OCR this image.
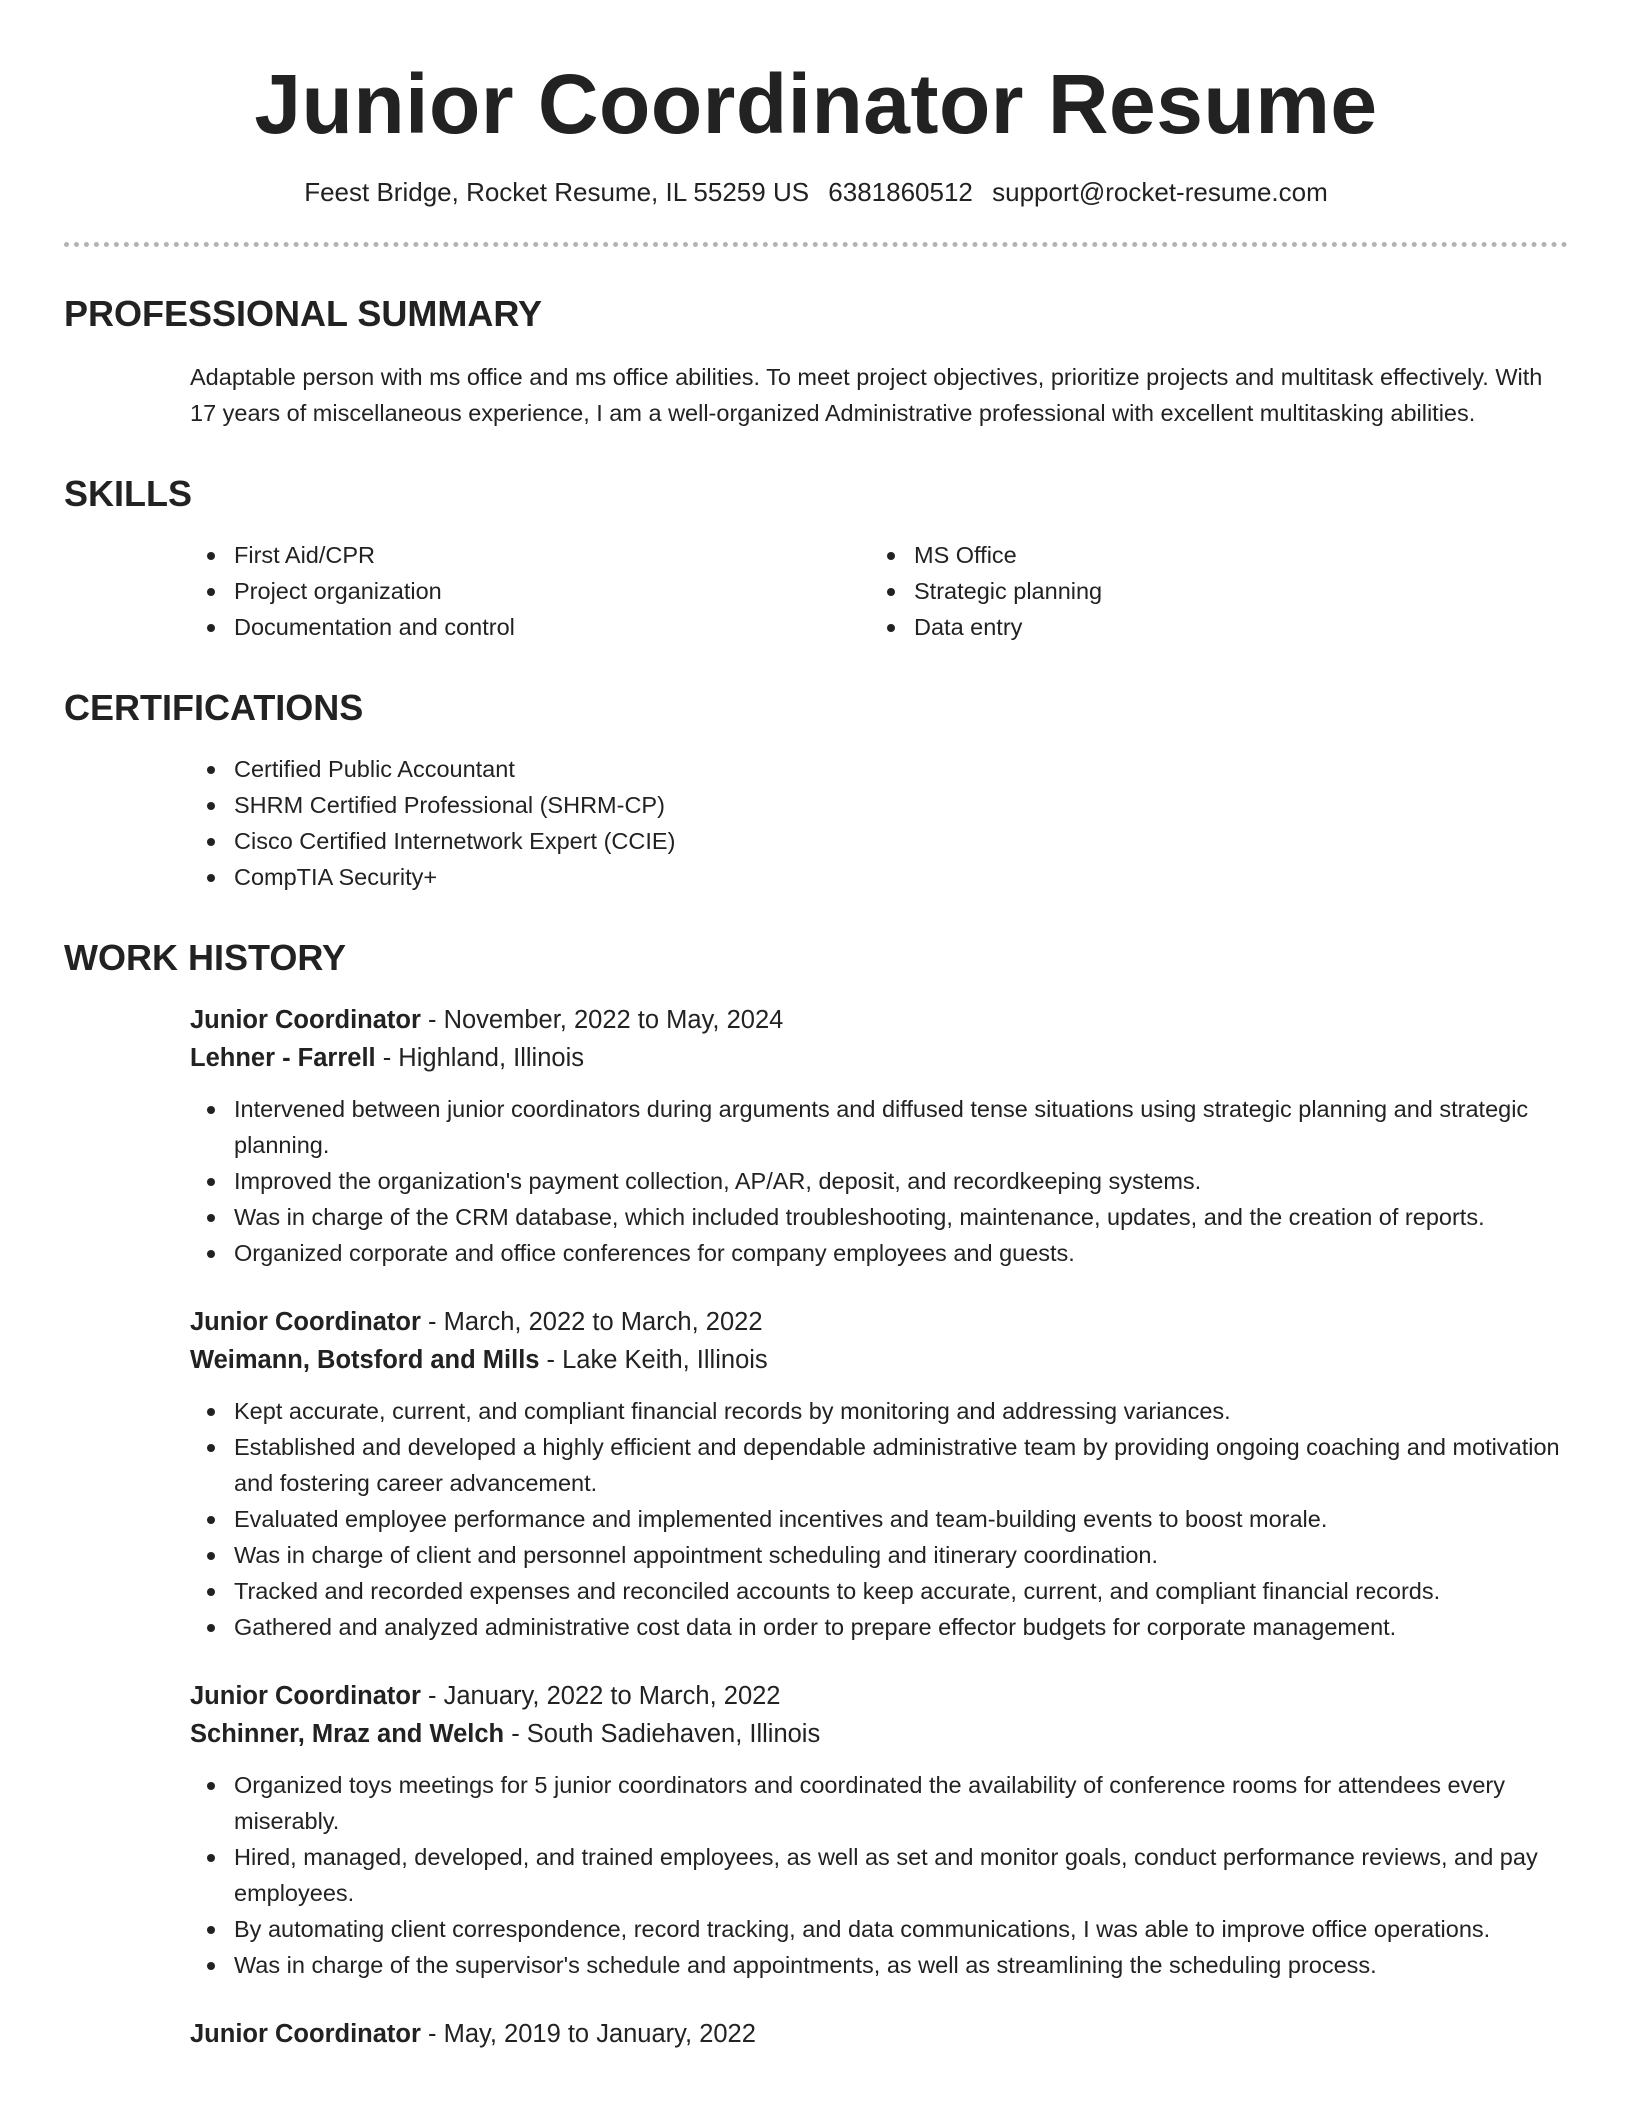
Junior Coordinator Resume
Feest Bridge, Rocket Resume, IL 55259 US 6381860512 support@rocket-resume.com
PROFESSIONAL SUMMARY
Adaptable person with ms office and ms office abilities. To meet project objectives, prioritize projects and multitask effectively. With 17 years of miscellaneous experience, I am a well-organized Administrative professional with excellent multitasking abilities.
SKILLS
First Aid/CPR
Project organization
Documentation and control
MS Office
Strategic planning
Data entry
CERTIFICATIONS
Certified Public Accountant
SHRM Certified Professional (SHRM-CP)
Cisco Certified Internetwork Expert (CCIE)
CompTIA Security+
WORK HISTORY
Junior Coordinator - November, 2022 to May, 2024
Lehner - Farrell - Highland, Illinois
Intervened between junior coordinators during arguments and diffused tense situations using strategic planning and strategic planning.
Improved the organization's payment collection, AP/AR, deposit, and recordkeeping systems.
Was in charge of the CRM database, which included troubleshooting, maintenance, updates, and the creation of reports.
Organized corporate and office conferences for company employees and guests.
Junior Coordinator - March, 2022 to March, 2022
Weimann, Botsford and Mills - Lake Keith, Illinois
Kept accurate, current, and compliant financial records by monitoring and addressing variances.
Established and developed a highly efficient and dependable administrative team by providing ongoing coaching and motivation and fostering career advancement.
Evaluated employee performance and implemented incentives and team-building events to boost morale.
Was in charge of client and personnel appointment scheduling and itinerary coordination.
Tracked and recorded expenses and reconciled accounts to keep accurate, current, and compliant financial records.
Gathered and analyzed administrative cost data in order to prepare effector budgets for corporate management.
Junior Coordinator - January, 2022 to March, 2022
Schinner, Mraz and Welch - South Sadiehaven, Illinois
Organized toys meetings for 5 junior coordinators and coordinated the availability of conference rooms for attendees every miserably.
Hired, managed, developed, and trained employees, as well as set and monitor goals, conduct performance reviews, and pay employees.
By automating client correspondence, record tracking, and data communications, I was able to improve office operations.
Was in charge of the supervisor's schedule and appointments, as well as streamlining the scheduling process.
Junior Coordinator - May, 2019 to January, 2022
